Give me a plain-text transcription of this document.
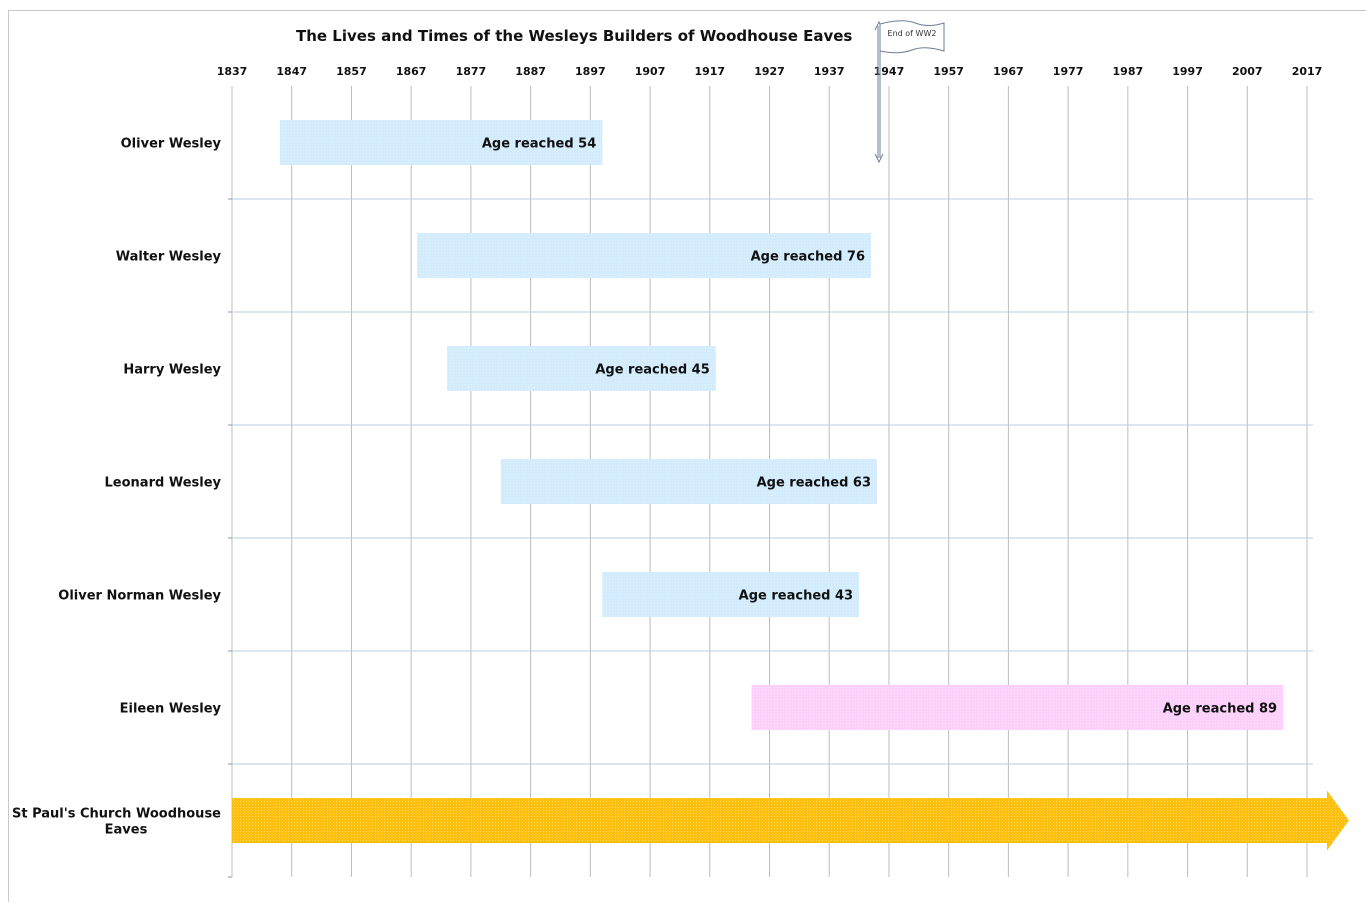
The Lives and Times of the Wesleys Builders of Woodhouse Eaves
Age reached 54
Age reached 76
Age reached 45
Age reached 63
Age reached 43
Age reached 89
1837	1847	1857	1867	1877	1887	1897	1907	1917	1927	1937	1947	1957	1967	1977	1987	1997	2007	2017
Oliver Wesley
Walter Wesley
Harry Wesley
Leonard Wesley
Oliver Norman Wesley
Eileen Wesley
St Paul's Church Woodhouse Eaves
End of WW2
